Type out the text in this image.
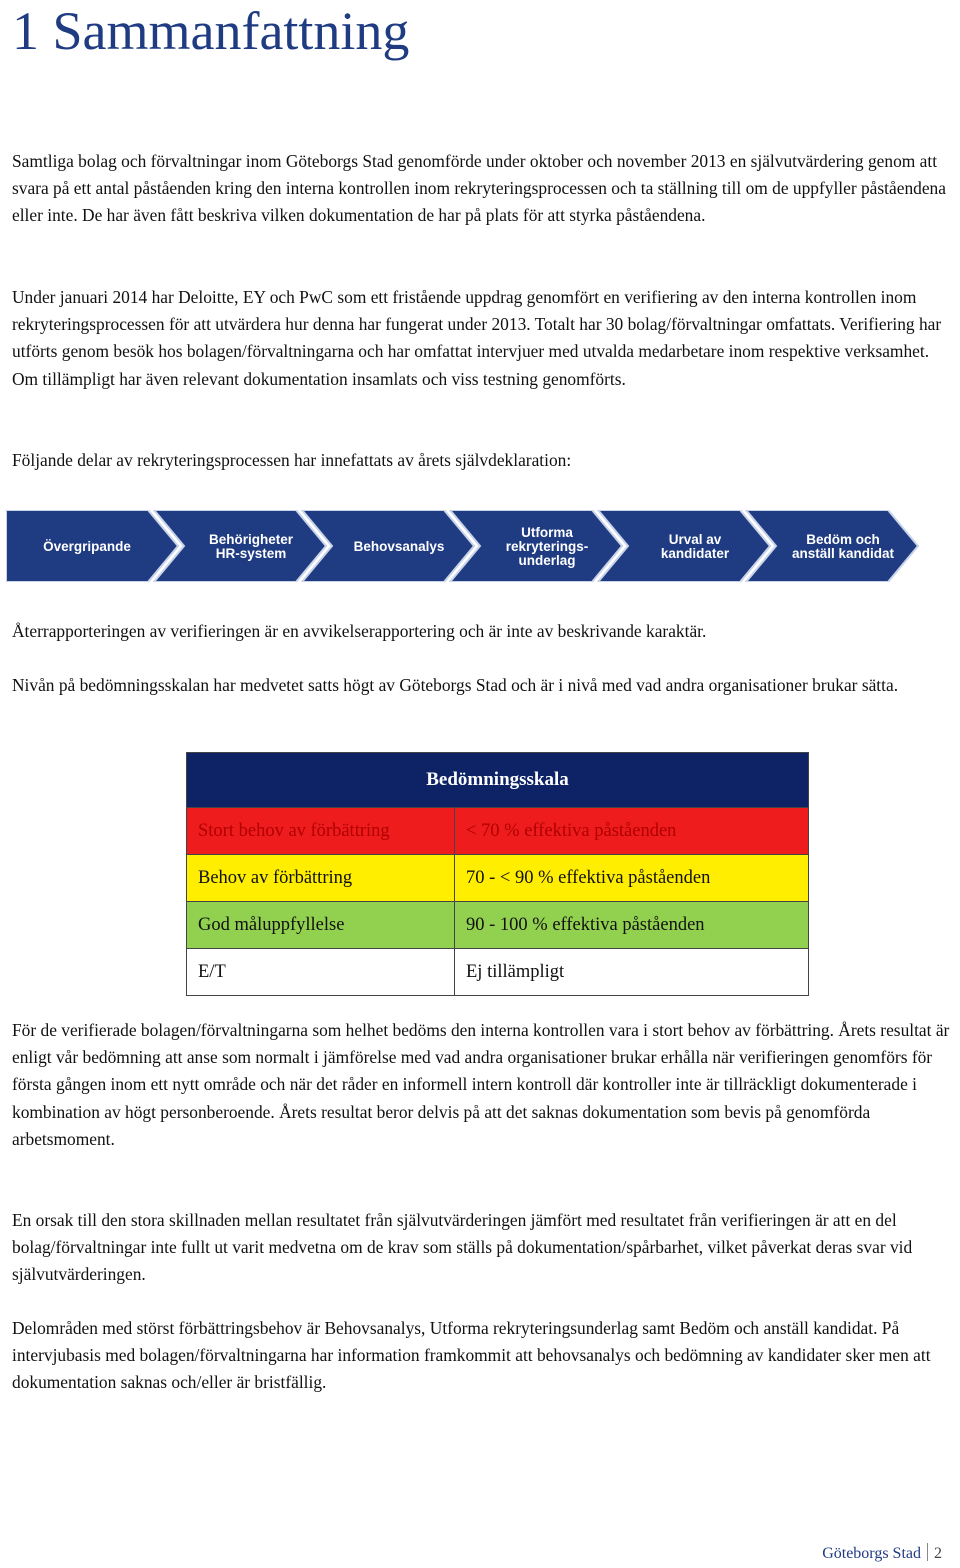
1 Sammanfattning

Samtliga bolag och förvaltningar inom Göteborgs Stad genomförde under oktober och november 2013 en självutvärdering genom att svara på ett antal påståenden kring den interna kontrollen inom rekryteringsprocessen och ta ställning till om de uppfyller påståendena eller inte. De har även fått beskriva vilken dokumentation de har på plats för att styrka påståendena.

Under januari 2014 har Deloitte, EY och PwC som ett fristående uppdrag genomfört en verifiering av den interna kontrollen inom rekryteringsprocessen för att utvärdera hur denna har fungerat under 2013. Totalt har 30 bolag/förvaltningar omfattats. Verifiering har utförts genom besök hos bolagen/förvaltningarna och har omfattat intervjuer med utvalda medarbetare inom respektive verksamhet. Om tillämpligt har även relevant dokumentation insamlats och viss testning genomförts.

Följande delar av rekryteringsprocessen har innefattats av årets självdeklaration:

Övergripande	Behörigheter
HR-system	Behovsanalys
Utforma
rekryterings-
underlag
Urval av
kandidater
Bedöm och
anställ kandidat

Återrapporteringen av verifieringen är en avvikelserapportering och är inte av beskrivande karaktär.

Nivån på bedömningsskalan har medvetet satts högt av Göteborgs Stad och är i nivå med vad andra organisationer brukar sätta.

Bedömningsskala	
Stort behov av förbättring	< 70 % effektiva påståenden
Behov av förbättring	70 - < 90 % effektiva påståenden
God måluppfyllelse	90 - 100 % effektiva påståenden
E/T	Ej tillämpligt

För de verifierade bolagen/förvaltningarna som helhet bedöms den interna kontrollen vara i stort behov av förbättring. Årets resultat är enligt vår bedömning att anse som normalt i jämförelse med vad andra organisationer brukar erhålla när verifieringen genomförs för första gången inom ett nytt område och när det råder en informell intern kontroll där kontroller inte är tillräckligt dokumenterade i kombination av högt personberoende. Årets resultat beror delvis på att det saknas dokumentation som bevis på genomförda arbetsmoment.

En orsak till den stora skillnaden mellan resultatet från självutvärderingen jämfört med resultatet från verifieringen är att en del bolag/förvaltningar inte fullt ut varit medvetna om de krav som ställs på dokumentation/spårbarhet, vilket påverkat deras svar vid självutvärderingen.

Delområden med störst förbättringsbehov är Behovsanalys, Utforma rekryteringsunderlag samt Bedöm och anställ kandidat. På intervjubasis med bolagen/förvaltningarna har information framkommit att behovsanalys och bedömning av kandidater sker men att dokumentation saknas och/eller är bristfällig.

Göteborgs Stad 2
